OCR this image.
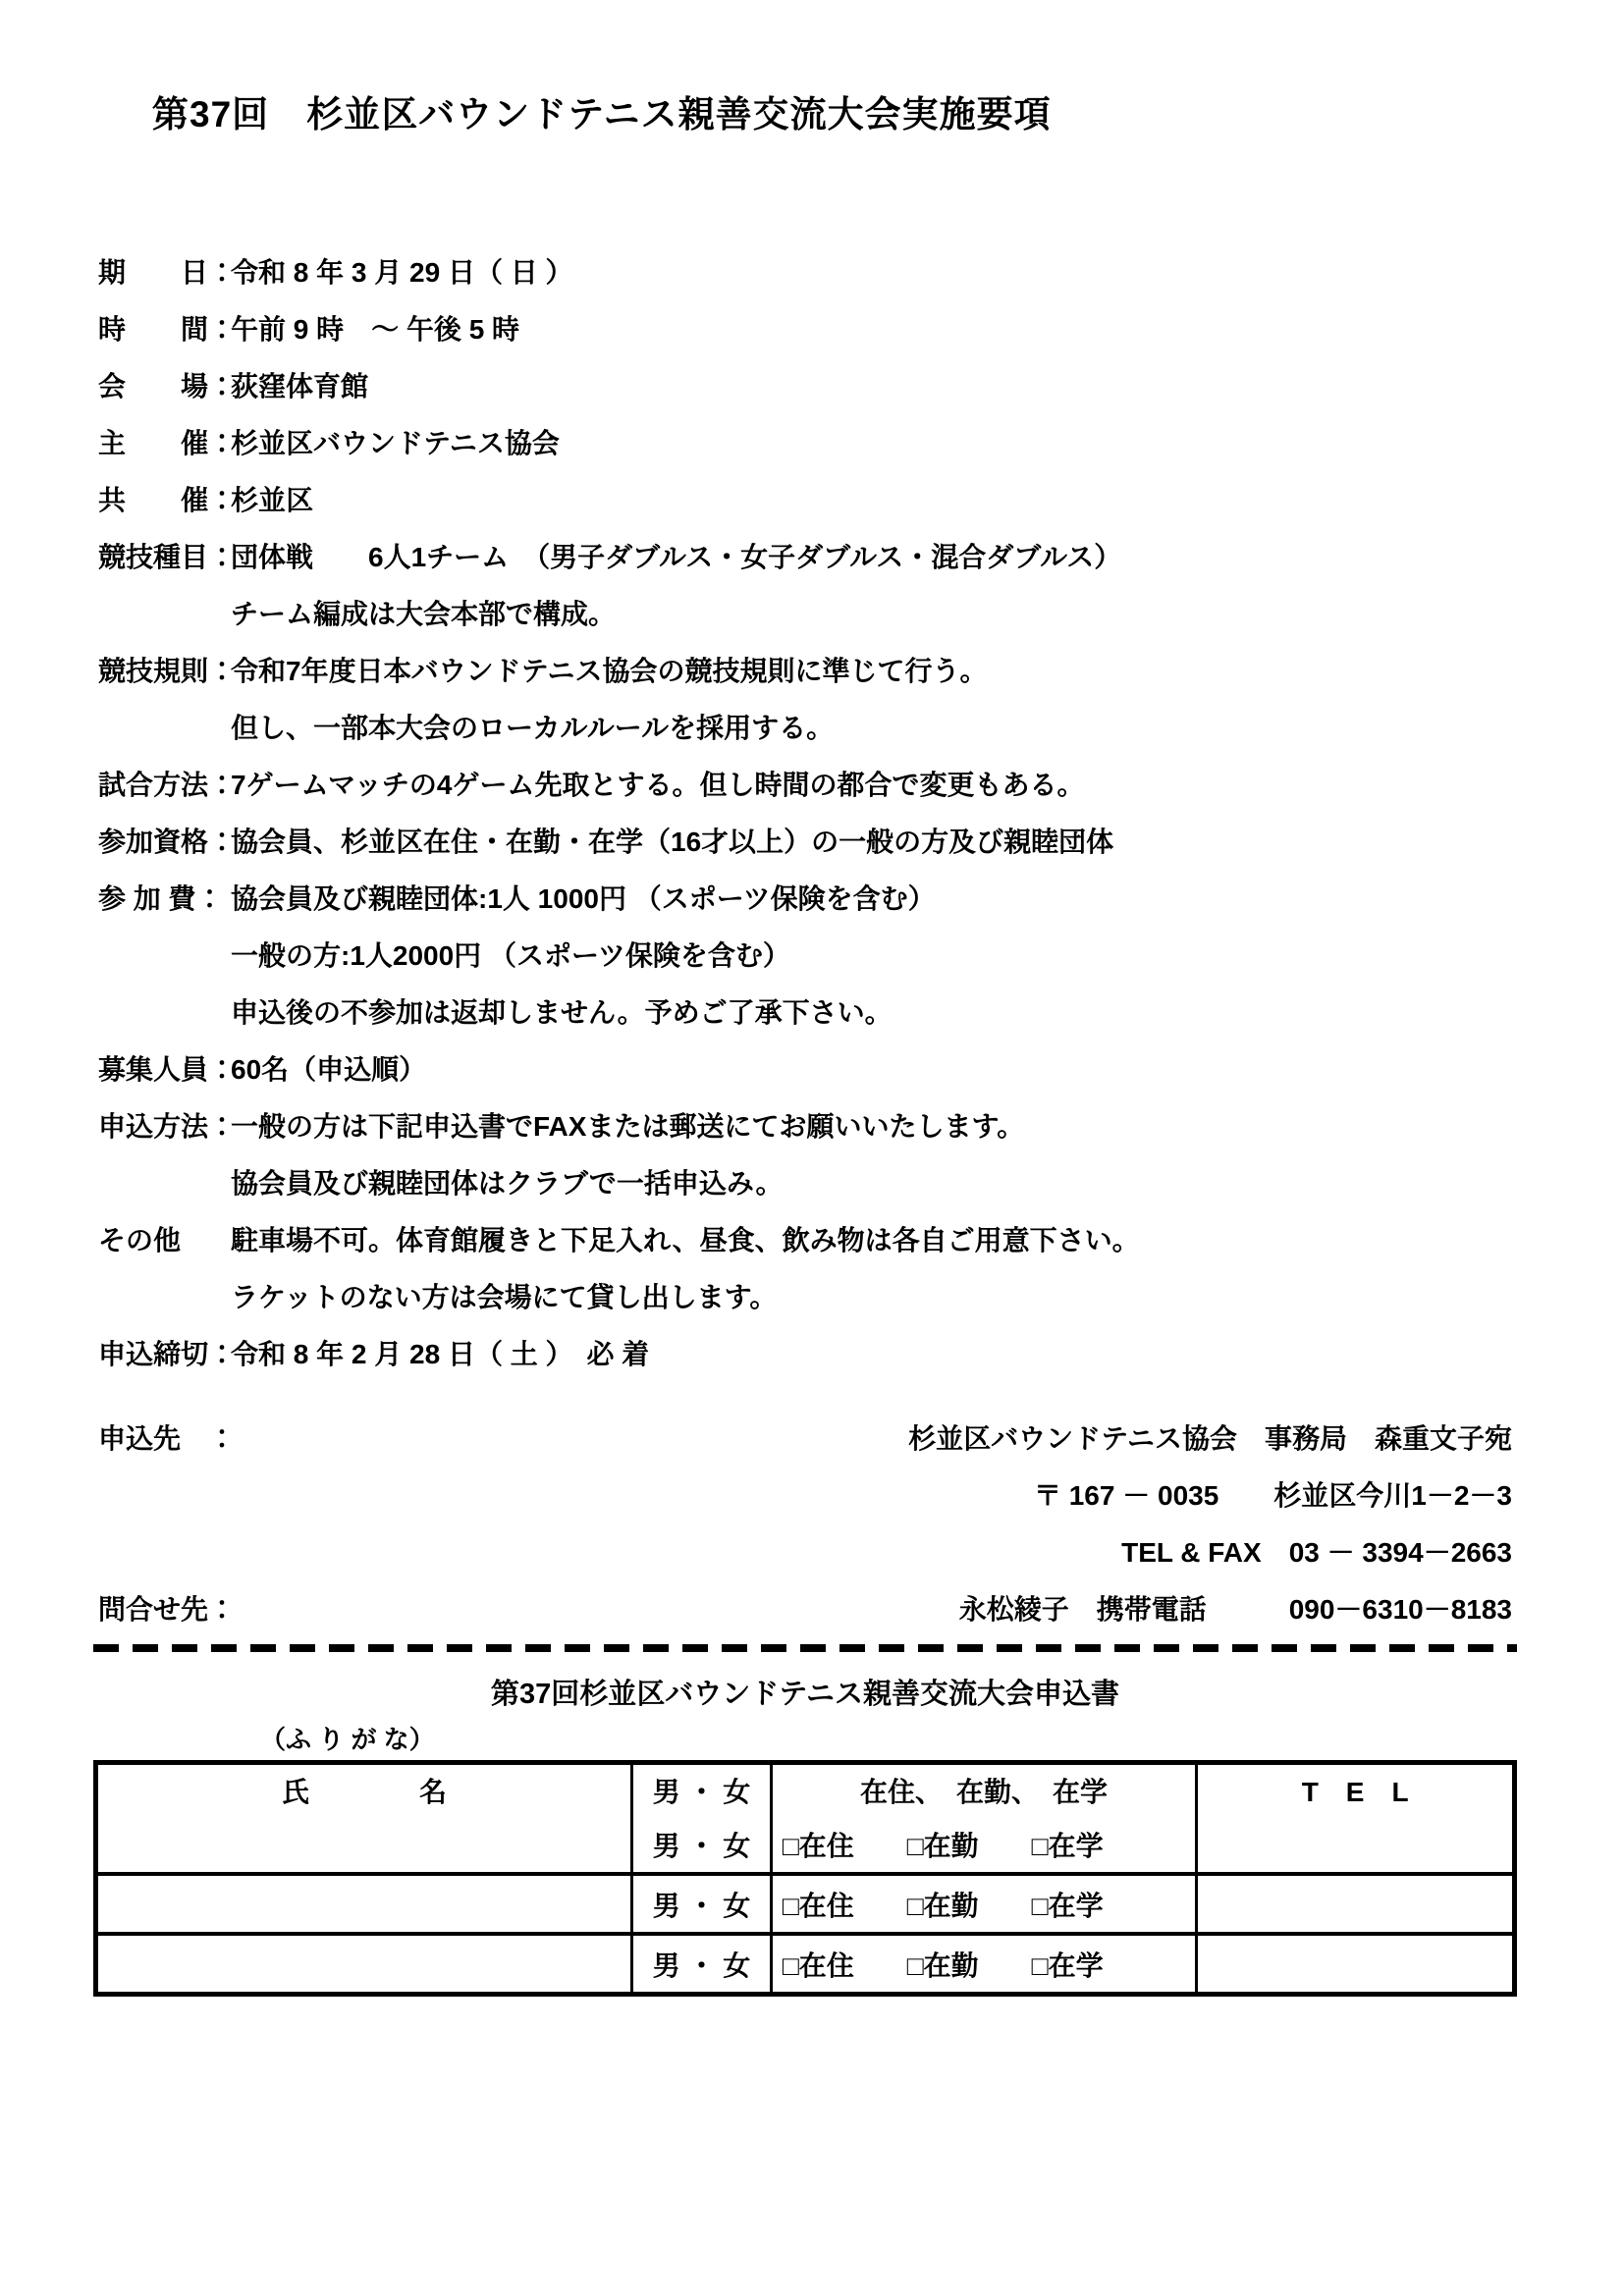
第37回　杉並区バウンドテニス親善交流大会実施要項
期　　日：
令和 8 年 3 月 29 日（ 日 ）
時　　間：
午前 9 時　～ 午後 5 時
会　　場：
荻窪体育館
主　　催：
杉並区バウンドテニス協会
共　　催：
杉並区
競技種目：
団体戦　　6人1チーム　（男子ダブルス・女子ダブルス・混合ダブルス）
チーム編成は大会本部で構成。
競技規則：
令和7年度日本バウンドテニス協会の競技規則に準じて行う。
但し、一部本大会のローカルルールを採用する。
試合方法：
7ゲームマッチの4ゲーム先取とする。但し時間の都合で変更もある。
参加資格：
協会員、杉並区在住・在勤・在学（16才以上）の一般の方及び親睦団体
参 加 費： 協会員及び親睦団体:1人 1000円 （スポーツ保険を含む）
一般の方:1人2000円 （スポーツ保険を含む）
申込後の不参加は返却しません。予めご了承下さい。
募集人員：
60名（申込順）
申込方法：
一般の方は下記申込書でFAXまたは郵送にてお願いいたします。
協会員及び親睦団体はクラブで一括申込み。
その他	駐車場不可。体育館履きと下足入れ、昼食、飲み物は各自ご用意下さい。
ラケットのない方は会場にて貸し出します。
申込締切：
令和 8 年 2 月 28 日（ 土 ）　必 着
申込先　：	杉並区バウンドテニス協会　事務局　森重文子宛
〒 167 － 0035　　杉並区今川1－2－3
TEL & FAX　03 － 3394－2663
問合せ先：	永松綾子　携帯電話　　　090－6310－8183
第37回杉並区バウンドテニス親善交流大会申込書
（ふ り が な）
氏　　　　名	男 ・ 女	在住、　在勤、　在学	T　E　L
	男 ・ 女	□在住 □在勤 □在学	
	男 ・ 女	□在住 □在勤 □在学	
	男 ・ 女	□在住 □在勤 □在学	
